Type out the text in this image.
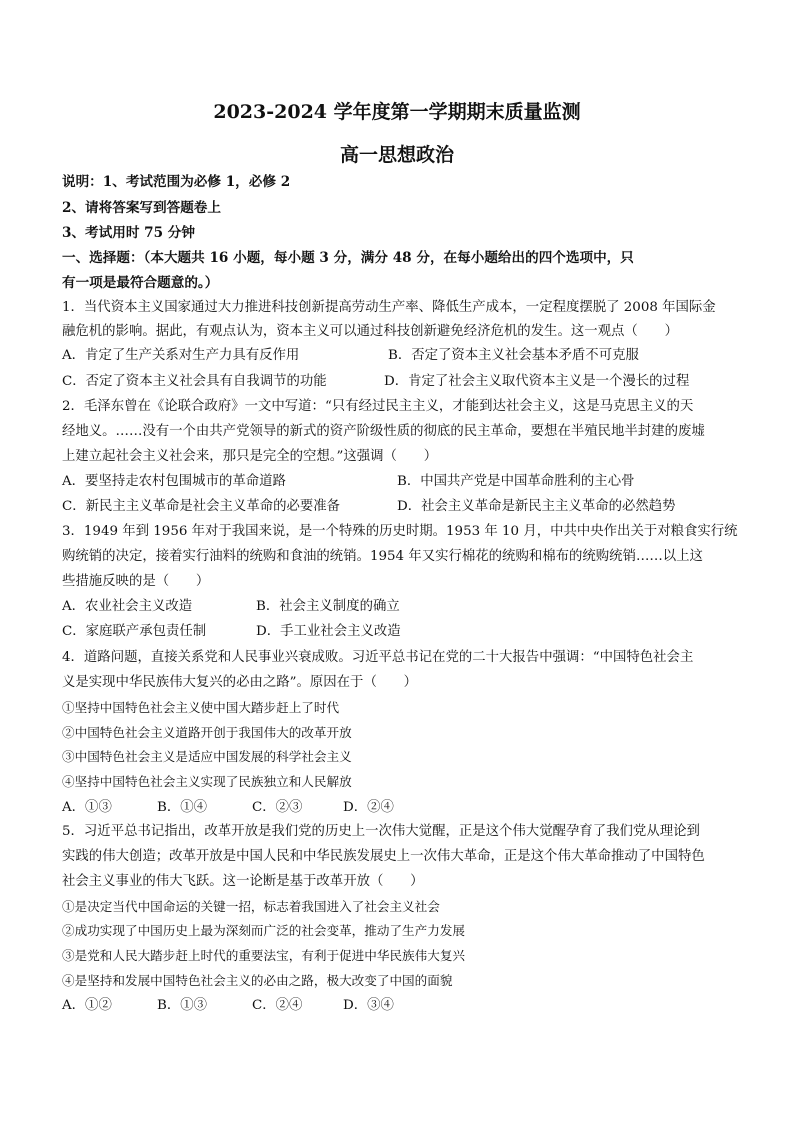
2023-2024 学年度第一学期期末质量监测
高一思想政治
说明：1、考试范围为必修 1，必修 2
2、请将答案写到答题卷上
3、考试用时 75 分钟
一、选择题：（本大题共 16 小题，每小题 3 分，满分 48 分，在每小题给出的四个选项中，只
有一项是最符合题意的。）
1．当代资本主义国家通过大力推进科技创新提高劳动生产率、降低生产成本，一定程度摆脱了 2008 年国际金
融危机的影响。据此，有观点认为，资本主义可以通过科技创新避免经济危机的发生。这一观点（　　）
A．肯定了生产关系对生产力具有反作用	B．否定了资本主义社会基本矛盾不可克服
C．否定了资本主义社会具有自我调节的功能	D．肯定了社会主义取代资本主义是一个漫长的过程
2．毛泽东曾在《论联合政府》一文中写道：“只有经过民主主义，才能到达社会主义，这是马克思主义的天
经地义。……没有一个由共产党领导的新式的资产阶级性质的彻底的民主革命，要想在半殖民地半封建的废墟
上建立起社会主义社会来，那只是完全的空想。”这强调（　　）
A．要坚持走农村包围城市的革命道路	B．中国共产党是中国革命胜利的主心骨
C．新民主主义革命是社会主义革命的必要准备	D．社会主义革命是新民主主义革命的必然趋势
3．1949 年到 1956 年对于我国来说，是一个特殊的历史时期。1953 年 10 月，中共中央作出关于对粮食实行统
购统销的决定，接着实行油料的统购和食油的统销。1954 年又实行棉花的统购和棉布的统购统销……以上这
些措施反映的是（　　）
A．农业社会主义改造	B．社会主义制度的确立
C．家庭联产承包责任制	D．手工业社会主义改造
4．道路问题，直接关系党和人民事业兴衰成败。习近平总书记在党的二十大报告中强调：“中国特色社会主
义是实现中华民族伟大复兴的必由之路”。原因在于（　　）
①坚持中国特色社会主义使中国大踏步赶上了时代
②中国特色社会主义道路开创于我国伟大的改革开放
③中国特色社会主义是适应中国发展的科学社会主义
④坚持中国特色社会主义实现了民族独立和人民解放
A．①③	B．①④	C．②③	D．②④
5．习近平总书记指出，改革开放是我们党的历史上一次伟大觉醒，正是这个伟大觉醒孕育了我们党从理论到
实践的伟大创造；改革开放是中国人民和中华民族发展史上一次伟大革命，正是这个伟大革命推动了中国特色
社会主义事业的伟大飞跃。这一论断是基于改革开放（　　）
①是决定当代中国命运的关键一招，标志着我国进入了社会主义社会
②成功实现了中国历史上最为深刻而广泛的社会变革，推动了生产力发展
③是党和人民大踏步赶上时代的重要法宝，有利于促进中华民族伟大复兴
④是坚持和发展中国特色社会主义的必由之路，极大改变了中国的面貌
A．①②	B．①③	C．②④	D．③④
